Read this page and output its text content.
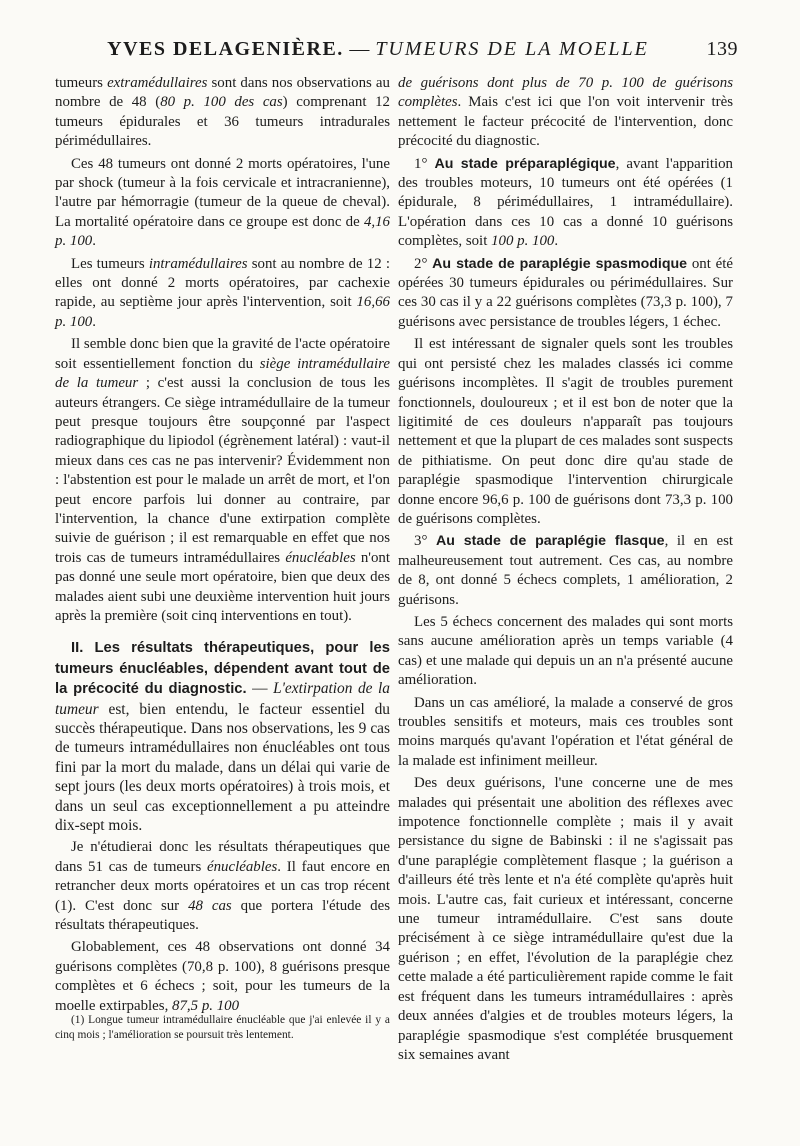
YVES DELAGENIÈRE. — TUMEURS DE LA MOELLE	139

tumeurs extramédullaires sont dans nos observations au nombre de 48 (80 p. 100 des cas) comprenant 12 tumeurs épidurales et 36 tumeurs intradurales périmédullaires.

Ces 48 tumeurs ont donné 2 morts opératoires, l'une par shock (tumeur à la fois cervicale et intracranienne), l'autre par hémorragie (tumeur de la queue de cheval). La mortalité opératoire dans ce groupe est donc de 4,16 p. 100.

Les tumeurs intramédullaires sont au nombre de 12 : elles ont donné 2 morts opératoires, par cachexie rapide, au septième jour après l'intervention, soit 16,66 p. 100.

Il semble donc bien que la gravité de l'acte opératoire soit essentiellement fonction du siège intramédullaire de la tumeur ; c'est aussi la conclusion de tous les auteurs étrangers. Ce siège intramédullaire de la tumeur peut presque toujours être soupçonné par l'aspect radiographique du lipiodol (égrènement latéral) : vaut-il mieux dans ces cas ne pas intervenir? Évidemment non : l'abstention est pour le malade un arrêt de mort, et l'on peut encore parfois lui donner au contraire, par l'intervention, la chance d'une extirpation complète suivie de guérison ; il est remarquable en effet que nos trois cas de tumeurs intramédullaires énucléables n'ont pas donné une seule mort opératoire, bien que deux des malades aient subi une deuxième intervention huit jours après la première (soit cinq interventions en tout).

II. Les résultats thérapeutiques, pour les tumeurs énucléables, dépendent avant tout de la précocité du diagnostic. — L'extirpation de la tumeur est, bien entendu, le facteur essentiel du succès thérapeutique. Dans nos observations, les 9 cas de tumeurs intramédullaires non énucléables ont tous fini par la mort du malade, dans un délai qui varie de sept jours (les deux morts opératoires) à trois mois, et dans un seul cas exceptionnellement a pu atteindre dix-sept mois.

Je n'étudierai donc les résultats thérapeutiques que dans 51 cas de tumeurs énucléables. Il faut encore en retrancher deux morts opératoires et un cas trop récent (1). C'est donc sur 48 cas que portera l'étude des résultats thérapeutiques.

Globablement, ces 48 observations ont donné 34 guérisons complètes (70,8 p. 100), 8 guérisons presque complètes et 6 échecs ; soit, pour les tumeurs de la moelle extirpables, 87,5 p. 100

(1) Longue tumeur intramédullaire énucléable que j'ai enlevée il y a cinq mois ; l'amélioration se poursuit très lentement.

de guérisons dont plus de 70 p. 100 de guérisons complètes. Mais c'est ici que l'on voit intervenir très nettement le facteur précocité de l'intervention, donc précocité du diagnostic.

1° Au stade préparaplégique, avant l'apparition des troubles moteurs, 10 tumeurs ont été opérées (1 épidurale, 8 périmédullaires, 1 intramédullaire). L'opération dans ces 10 cas a donné 10 guérisons complètes, soit 100 p. 100.

2° Au stade de paraplégie spasmodique ont été opérées 30 tumeurs épidurales ou périmédullaires. Sur ces 30 cas il y a 22 guérisons complètes (73,3 p. 100), 7 guérisons avec persistance de troubles légers, 1 échec.

Il est intéressant de signaler quels sont les troubles qui ont persisté chez les malades classés ici comme guérisons incomplètes. Il s'agit de troubles purement fonctionnels, douloureux ; et il est bon de noter que la ligitimité de ces douleurs n'apparaît pas toujours nettement et que la plupart de ces malades sont suspects de pithiatisme. On peut donc dire qu'au stade de paraplégie spasmodique l'intervention chirurgicale donne encore 96,6 p. 100 de guérisons dont 73,3 p. 100 de guérisons complètes.

3° Au stade de paraplégie flasque, il en est malheureusement tout autrement. Ces cas, au nombre de 8, ont donné 5 échecs complets, 1 amélioration, 2 guérisons.

Les 5 échecs concernent des malades qui sont morts sans aucune amélioration après un temps variable (4 cas) et une malade qui depuis un an n'a présenté aucune amélioration.

Dans un cas amélioré, la malade a conservé de gros troubles sensitifs et moteurs, mais ces troubles sont moins marqués qu'avant l'opération et l'état général de la malade est infiniment meilleur.

Des deux guérisons, l'une concerne une de mes malades qui présentait une abolition des réflexes avec impotence fonctionnelle complète ; mais il y avait persistance du signe de Babinski : il ne s'agissait pas d'une paraplégie complètement flasque ; la guérison a d'ailleurs été très lente et n'a été complète qu'après huit mois. L'autre cas, fait curieux et intéressant, concerne une tumeur intramédullaire. C'est sans doute précisément à ce siège intramédullaire qu'est due la guérison ; en effet, l'évolution de la paraplégie chez cette malade a été particulièrement rapide comme le fait est fréquent dans les tumeurs intramédullaires : après deux années d'algies et de troubles moteurs légers, la paraplégie spasmodique s'est complétée brusquement six semaines avant
